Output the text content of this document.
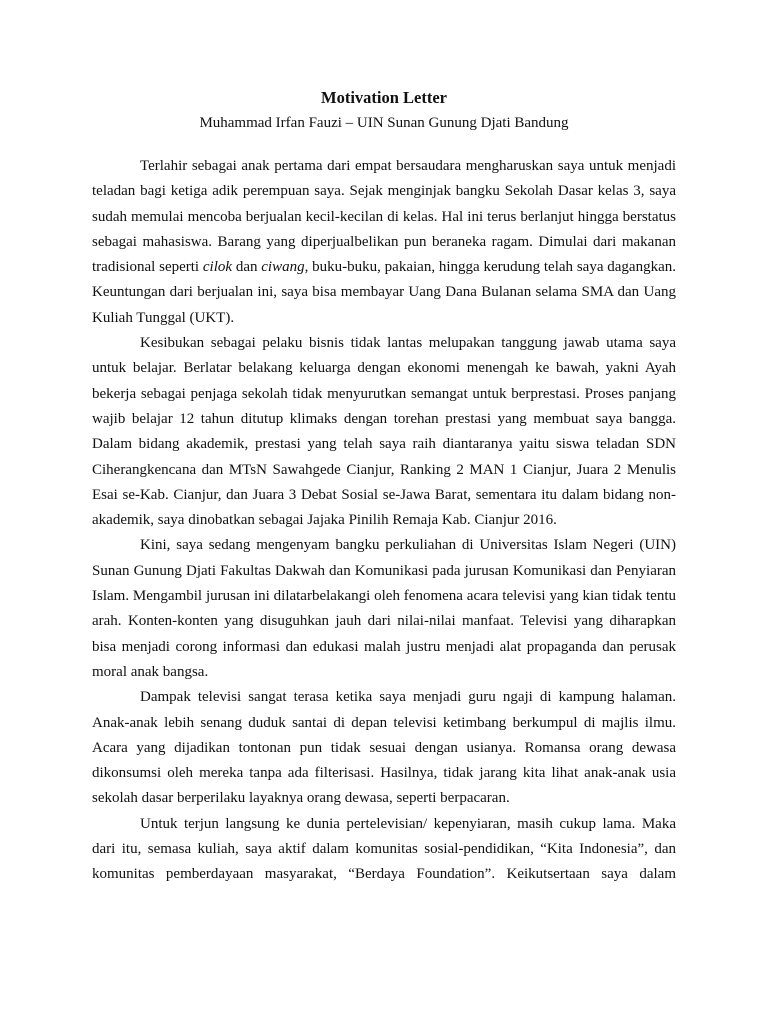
Motivation Letter

Muhammad Irfan Fauzi – UIN Sunan Gunung Djati Bandung

Terlahir sebagai anak pertama dari empat bersaudara mengharuskan saya untuk menjadi teladan bagi ketiga adik perempuan saya. Sejak menginjak bangku Sekolah Dasar kelas 3, saya sudah memulai mencoba berjualan kecil-kecilan di kelas. Hal ini terus berlanjut hingga berstatus sebagai mahasiswa. Barang yang diperjualbelikan pun beraneka ragam. Dimulai dari makanan tradisional seperti cilok dan ciwang, buku-buku, pakaian, hingga kerudung telah saya dagangkan. Keuntungan dari berjualan ini, saya bisa membayar Uang Dana Bulanan selama SMA dan Uang Kuliah Tunggal (UKT).

Kesibukan sebagai pelaku bisnis tidak lantas melupakan tanggung jawab utama saya untuk belajar. Berlatar belakang keluarga dengan ekonomi menengah ke bawah, yakni Ayah bekerja sebagai penjaga sekolah tidak menyurutkan semangat untuk berprestasi. Proses panjang wajib belajar 12 tahun ditutup klimaks dengan torehan prestasi yang membuat saya bangga. Dalam bidang akademik, prestasi yang telah saya raih diantaranya yaitu siswa teladan SDN Ciherangkencana dan MTsN Sawahgede Cianjur, Ranking 2 MAN 1 Cianjur, Juara 2 Menulis Esai se-Kab. Cianjur, dan Juara 3 Debat Sosial se-Jawa Barat, sementara itu dalam bidang non-akademik, saya dinobatkan sebagai Jajaka Pinilih Remaja Kab. Cianjur 2016.

Kini, saya sedang mengenyam bangku perkuliahan di Universitas Islam Negeri (UIN) Sunan Gunung Djati Fakultas Dakwah dan Komunikasi pada jurusan Komunikasi dan Penyiaran Islam. Mengambil jurusan ini dilatarbelakangi oleh fenomena acara televisi yang kian tidak tentu arah. Konten-konten yang disuguhkan jauh dari nilai-nilai manfaat. Televisi yang diharapkan bisa menjadi corong informasi dan edukasi malah justru menjadi alat propaganda dan perusak moral anak bangsa.

Dampak televisi sangat terasa ketika saya menjadi guru ngaji di kampung halaman. Anak-anak lebih senang duduk santai di depan televisi ketimbang berkumpul di majlis ilmu. Acara yang dijadikan tontonan pun tidak sesuai dengan usianya. Romansa orang dewasa dikonsumsi oleh mereka tanpa ada filterisasi. Hasilnya, tidak jarang kita lihat anak-anak usia sekolah dasar berperilaku layaknya orang dewasa, seperti berpacaran.

Untuk terjun langsung ke dunia pertelevisian/ kepenyiaran, masih cukup lama. Maka dari itu, semasa kuliah, saya aktif dalam komunitas sosial-pendidikan, “Kita Indonesia”, dan komunitas pemberdayaan masyarakat, “Berdaya Foundation”. Keikutsertaan saya dalam
